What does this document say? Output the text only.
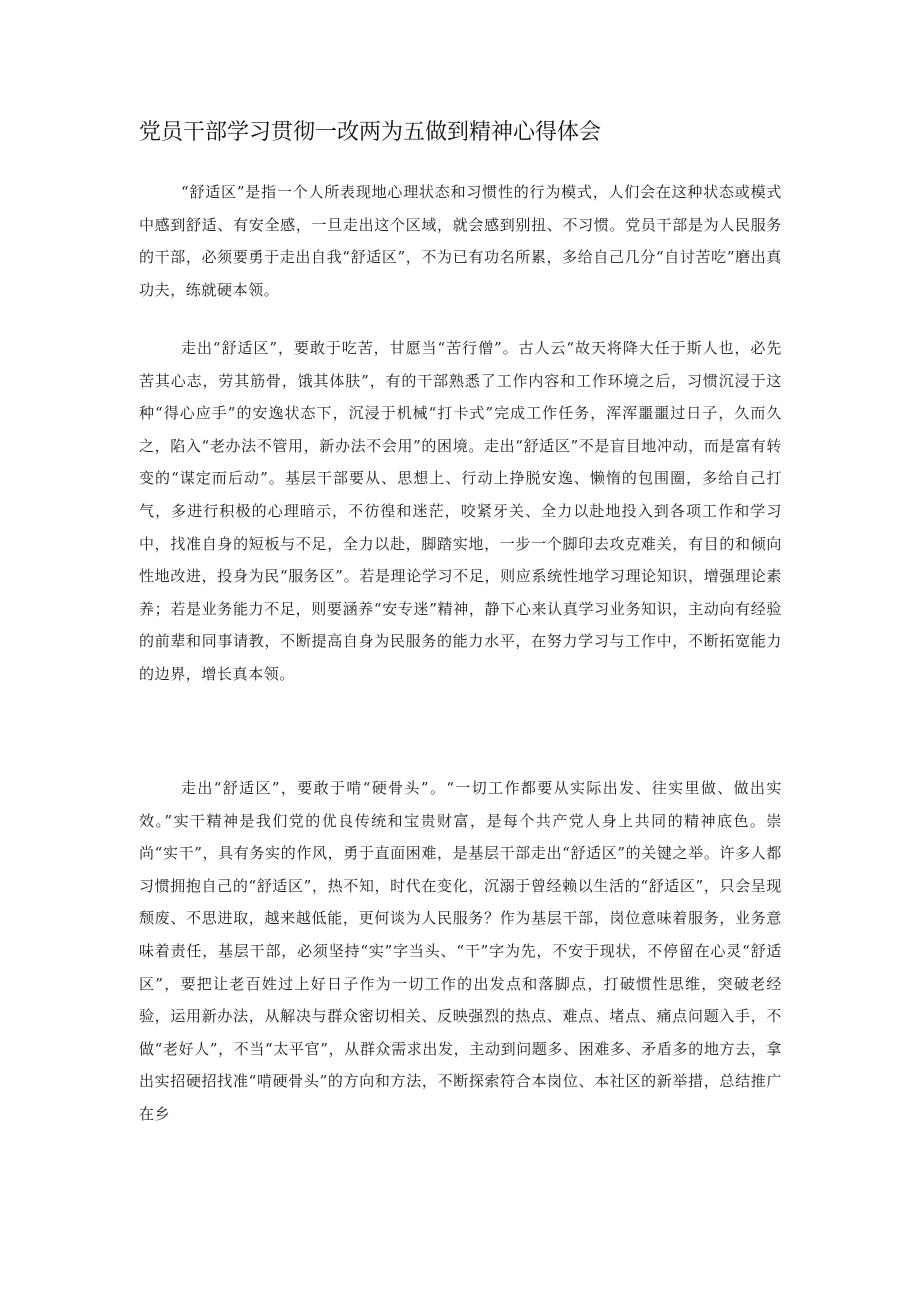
党员干部学习贯彻一改两为五做到精神心得体会

“舒适区”是指一个人所表现地心理状态和习惯性的行为模式，人们会在这种状态或模式中感到舒适、有安全感，一旦走出这个区域，就会感到别扭、不习惯。党员干部是为人民服务的干部，必须要勇于走出自我“舒适区”，不为已有功名所累，多给自己几分“自讨苦吃”磨出真功夫，练就硬本领。

走出“舒适区”，要敢于吃苦，甘愿当“苦行僧”。古人云“故天将降大任于斯人也，必先苦其心志，劳其筋骨，饿其体肤”，有的干部熟悉了工作内容和工作环境之后，习惯沉浸于这种“得心应手”的安逸状态下，沉浸于机械“打卡式”完成工作任务，浑浑噩噩过日子，久而久之，陷入“老办法不管用，新办法不会用”的困境。走出“舒适区”不是盲目地冲动，而是富有转变的“谋定而后动”。基层干部要从、思想上、行动上挣脱安逸、懒惰的包围圈，多给自己打气，多进行积极的心理暗示，不彷徨和迷茫，咬紧牙关、全力以赴地投入到各项工作和学习中，找准自身的短板与不足，全力以赴，脚踏实地，一步一个脚印去攻克难关，有目的和倾向性地改进，投身为民“服务区”。若是理论学习不足，则应系统性地学习理论知识，增强理论素养；若是业务能力不足，则要涵养“安专迷”精神，静下心来认真学习业务知识，主动向有经验的前辈和同事请教，不断提高自身为民服务的能力水平，在努力学习与工作中，不断拓宽能力的边界，增长真本领。

走出“舒适区”，要敢于啃“硬骨头”。“一切工作都要从实际出发、往实里做、做出实效。”实干精神是我们党的优良传统和宝贵财富，是每个共产党人身上共同的精神底色。崇尚“实干”，具有务实的作风，勇于直面困难，是基层干部走出“舒适区”的关键之举。许多人都习惯拥抱自己的“舒适区”，热不知，时代在变化，沉溺于曾经赖以生活的“舒适区”，只会呈现颓废、不思进取，越来越低能，更何谈为人民服务？作为基层干部，岗位意味着服务，业务意味着责任，基层干部，必须坚持“实”字当头、“干”字为先，不安于现状，不停留在心灵“舒适区”，要把让老百姓过上好日子作为一切工作的出发点和落脚点，打破惯性思维，突破老经验，运用新办法，从解决与群众密切相关、反映强烈的热点、难点、堵点、痛点问题入手，不做“老好人”，不当“太平官”，从群众需求出发，主动到问题多、困难多、矛盾多的地方去，拿出实招硬招找准“啃硬骨头”的方向和方法，不断探索符合本岗位、本社区的新举措，总结推广在乡
